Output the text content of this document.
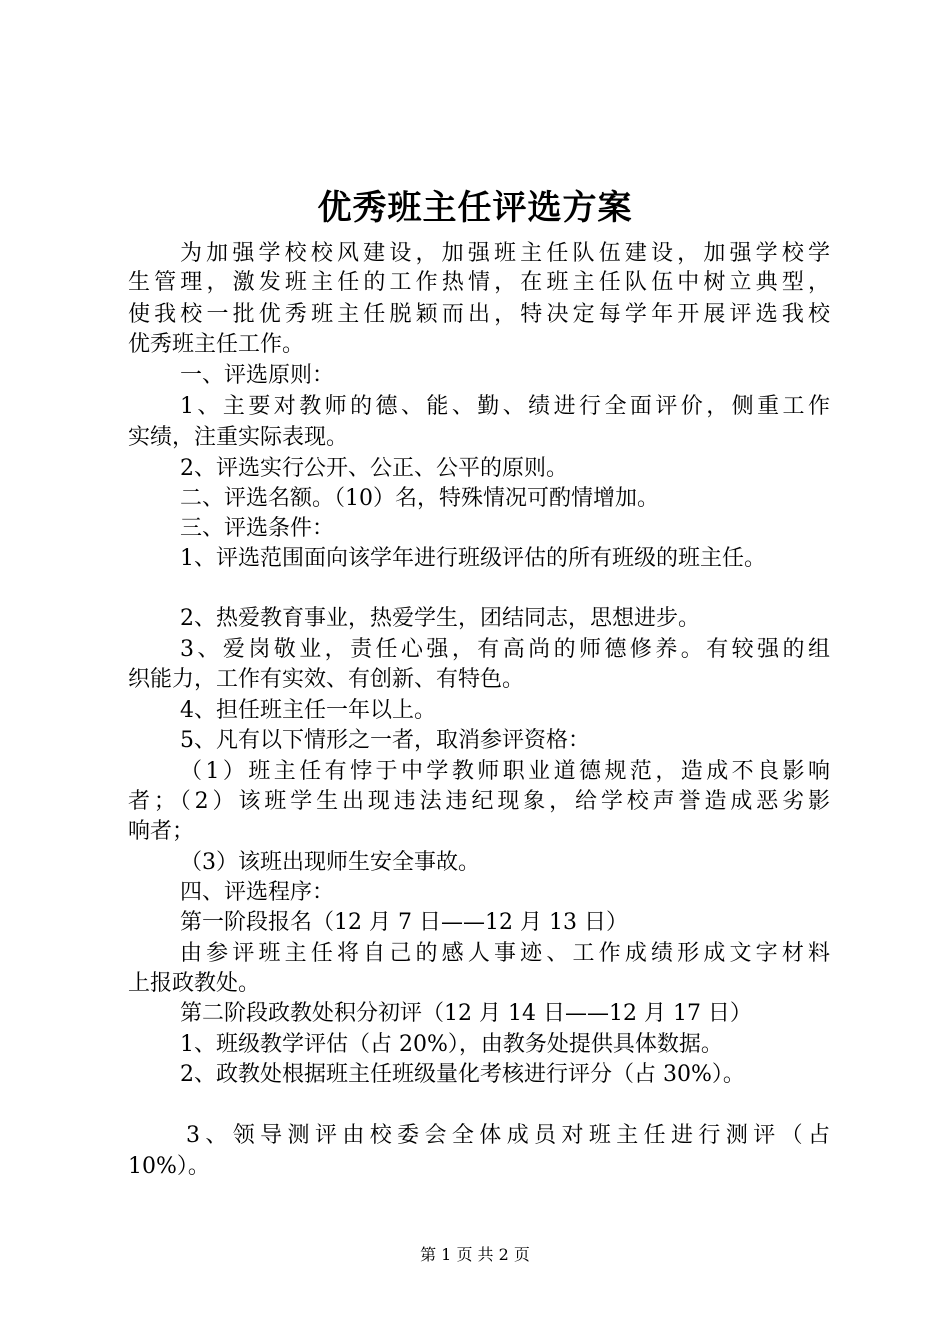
优秀班主任评选方案
为加强学校校风建设，加强班主任队伍建设，加强学校学
生管理，激发班主任的工作热情，在班主任队伍中树立典型，
使我校一批优秀班主任脱颖而出，特决定每学年开展评选我校
优秀班主任工作。
一、评选原则：
1、主要对教师的德、能、勤、绩进行全面评价，侧重工作
实绩，注重实际表现。
2、评选实行公开、公正、公平的原则。
二、评选名额。（10）名，特殊情况可酌情增加。
三、评选条件：
1、评选范围面向该学年进行班级评估的所有班级的班主任。
2、热爱教育事业，热爱学生，团结同志，思想进步。
3、爱岗敬业，责任心强，有高尚的师德修养。有较强的组
织能力，工作有实效、有创新、有特色。
4、担任班主任一年以上。
5、凡有以下情形之一者，取消参评资格：
（1）班主任有悖于中学教师职业道德规范，造成不良影响
者；（2）该班学生出现违法违纪现象，给学校声誉造成恶劣影
响者；
（3）该班出现师生安全事故。
四、评选程序：
第一阶段报名（12 月 7 日——12 月 13 日）
由参评班主任将自己的感人事迹、工作成绩形成文字材料
上报政教处。
第二阶段政教处积分初评（12 月 14 日——12 月 17 日）
1、班级教学评估（占 20%），由教务处提供具体数据。
2、政教处根据班主任班级量化考核进行评分（占 30%）。
3、领导测评由校委会全体成员对班主任进行测评（占
10%）。
第 1 页 共 2 页
